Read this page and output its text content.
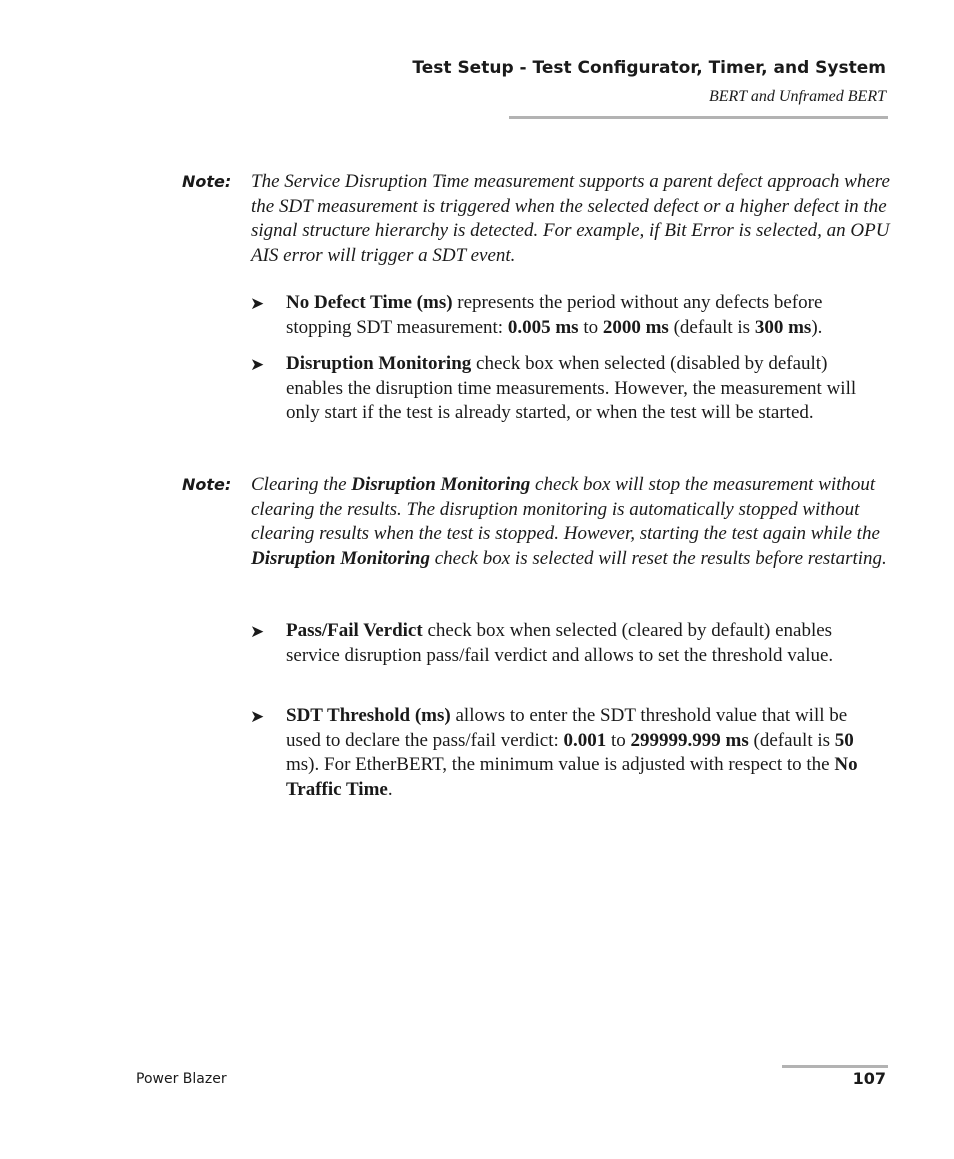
Test Setup - Test Configurator, Timer, and System
BERT and Unframed BERT
Note: The Service Disruption Time measurement supports a parent defect approach where the SDT measurement is triggered when the selected defect or a higher defect in the signal structure hierarchy is detected. For example, if Bit Error is selected, an OPU AIS error will trigger a SDT event.
➤ No Defect Time (ms) represents the period without any defects before stopping SDT measurement: 0.005 ms to 2000 ms (default is 300 ms).
➤ Disruption Monitoring check box when selected (disabled by default) enables the disruption time measurements. However, the measurement will only start if the test is already started, or when the test will be started.
Note: Clearing the Disruption Monitoring check box will stop the measurement without clearing the results. The disruption monitoring is automatically stopped without clearing results when the test is stopped. However, starting the test again while the Disruption Monitoring check box is selected will reset the results before restarting.
➤ Pass/Fail Verdict check box when selected (cleared by default) enables service disruption pass/fail verdict and allows to set the threshold value.
➤ SDT Threshold (ms) allows to enter the SDT threshold value that will be used to declare the pass/fail verdict: 0.001 to 299999.999 ms (default is 50 ms). For EtherBERT, the minimum value is adjusted with respect to the No Traffic Time.
Power Blazer	107
